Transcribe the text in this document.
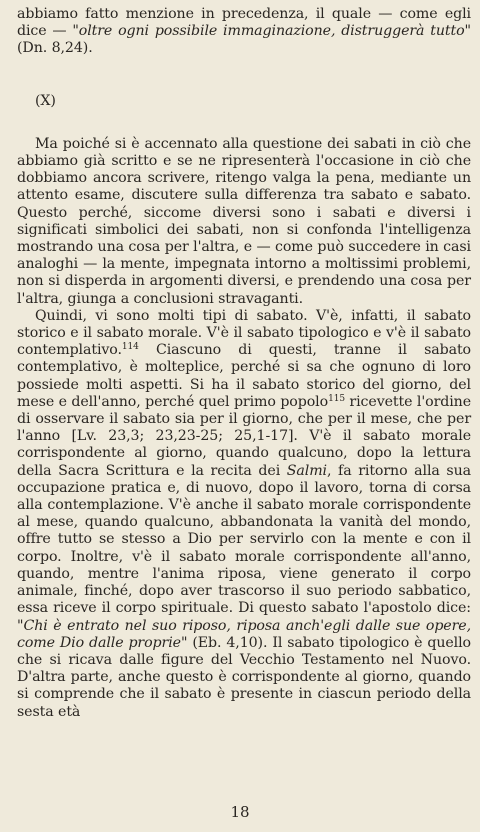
abbiamo fatto menzione in precedenza, il quale — come egli dice — "oltre ogni possibile immaginazione, distruggerà tutto" (Dn. 8,24).

(X)

Ma poiché si è accennato alla questione dei sabati in ciò che abbiamo già scritto e se ne ripresenterà l'occasione in ciò che dobbiamo ancora scrivere, ritengo valga la pena, mediante un attento esame, discutere sulla differenza tra sabato e sabato. Questo perché, siccome diversi sono i sabati e diversi i significati simbolici dei sabati, non si confonda l'intelligenza mostrando una cosa per l'altra, e — come può succedere in casi analoghi — la mente, impegnata intorno a moltissimi problemi, non si disperda in argomenti diversi, e prendendo una cosa per l'altra, giunga a conclusioni stravaganti.

Quindi, vi sono molti tipi di sabato. V'è, infatti, il sabato storico e il sabato morale. V'è il sabato tipologico e v'è il sabato contemplativo.$^{114}$ Ciascuno di questi, tranne il sabato contemplativo, è molteplice, perché si sa che ognuno di loro possiede molti aspetti. Si ha il sabato storico del giorno, del mese e dell'anno, perché quel primo popolo$^{115}$ ricevette l'ordine di osservare il sabato sia per il giorno, che per il mese, che per l'anno [Lv. 23,3; 23,23-25; 25,1-17]. V'è il sabato morale corrispondente al giorno, quando qualcuno, dopo la lettura della Sacra Scrittura e la recita dei Salmi, fa ritorno alla sua occupazione pratica e, di nuovo, dopo il lavoro, torna di corsa alla contemplazione. V'è anche il sabato morale corrispondente al mese, quando qualcuno, abbandonata la vanità del mondo, offre tutto se stesso a Dio per servirlo con la mente e con il corpo. Inoltre, v'è il sabato morale corrispondente all'anno, quando, mentre l'anima riposa, viene generato il corpo animale, finché, dopo aver trascorso il suo periodo sabbatico, essa riceve il corpo spirituale. Di questo sabato l'apostolo dice: "Chi è entrato nel suo riposo, riposa anch'egli dalle sue opere, come Dio dalle proprie" (Eb. 4,10). Il sabato tipologico è quello che si ricava dalle figure del Vecchio Testamento nel Nuovo. D'altra parte, anche questo è corrispondente al giorno, quando si comprende che il sabato è presente in ciascun periodo della sesta età

18
